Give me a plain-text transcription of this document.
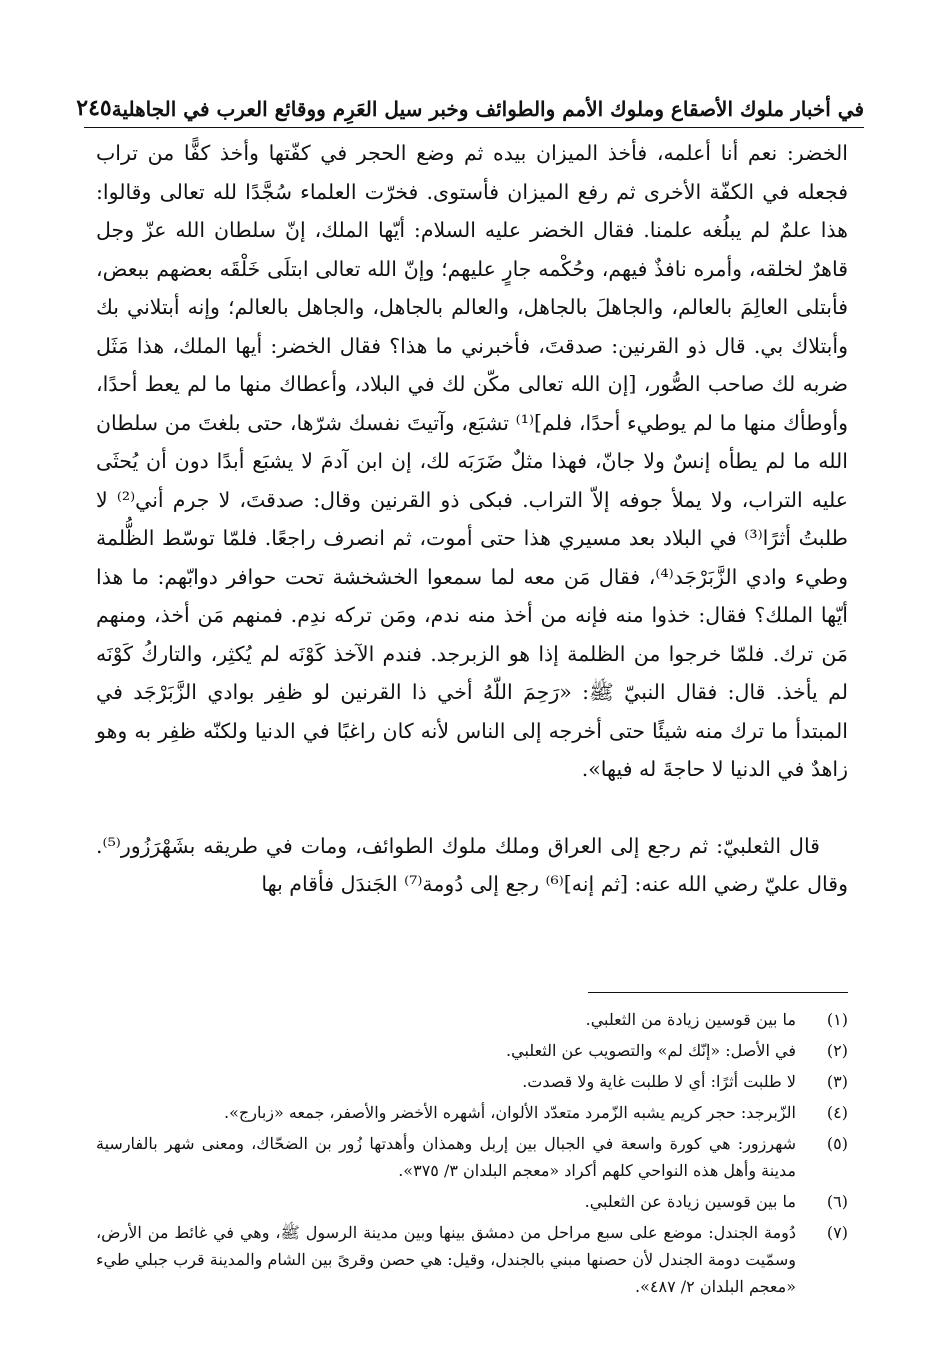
في أخبار ملوك الأصقاع وملوك الأمم والطوائف وخبر سيل العَرِم ووقائع العرب في الجاهلية
٢٤٥

الخضر: نعم أنا أعلمه، فأخذ الميزان بيده ثم وضع الحجر في كفّتها وأخذ كفًّا من تراب فجعله في الكفّة الأخرى ثم رفع الميزان فأستوى. فخرّت العلماء سُجَّدًا لله تعالى وقالوا: هذا علمٌ لم يبلُغه علمنا. فقال الخضر عليه السلام: أيّها الملك، إنّ سلطان الله عزّ وجل قاهرٌ لخلقه، وأمره نافذٌ فيهم، وحُكْمه جارٍ عليهم؛ وإنّ الله تعالى ابتلَى خَلْقَه بعضهم ببعض، فأبتلى العالِمَ بالعالم، والجاهلَ بالجاهل، والعالم بالجاهل، والجاهل بالعالم؛ وإنه أبتلاني بك وأبتلاك بي. قال ذو القرنين: صدقتَ، فأخبرني ما هذا؟ فقال الخضر: أيها الملك، هذا مَثَل ضربه لك صاحب الصُّور، [إن الله تعالى مكّن لك في البلاد، وأعطاك منها ما لم يعط أحدًا، وأوطأك منها ما لم يوطيء أحدًا، فلم]⁽¹⁾ تشبَع، وآتيتَ نفسك شرّها، حتى بلغتَ من سلطان الله ما لم يطأه إنسٌ ولا جانّ، فهذا مثلٌ ضَرَبَه لك، إن ابن آدمَ لا يشبَع أبدًا دون أن يُحثَى عليه التراب، ولا يملأ جوفه إلاّ التراب. فبكى ذو القرنين وقال: صدقتَ، لا جرم أني⁽²⁾ لا طلبتُ أثرًا⁽³⁾ في البلاد بعد مسيري هذا حتى أموت، ثم انصرف راجعًا. فلمّا توسّط الظُّلمة وطيء وادي الزَّبَرْجَد⁽⁴⁾، فقال مَن معه لما سمعوا الخشخشة تحت حوافر دوابّهم: ما هذا أيّها الملك؟ فقال: خذوا منه فإنه من أخذ منه ندم، ومَن تركه ندِم. فمنهم مَن أخذ، ومنهم مَن ترك. فلمّا خرجوا من الظلمة إذا هو الزبرجد. فندم الآخذ كَوْنَه لم يُكثِر، والتاركُ كَوْنَه لم يأخذ. قال: فقال النبيّ ﷺ: «رَحِمَ اللّهُ أخي ذا القرنين لو ظفِر بوادي الزَّبَرْجَد في المبتدأ ما ترك منه شيئًا حتى أخرجه إلى الناس لأنه كان راغبًا في الدنيا ولكنّه ظفِر به وهو زاهدٌ في الدنيا لا حاجةَ له فيها».

قال الثعلبيّ: ثم رجع إلى العراق وملك ملوك الطوائف، ومات في طريقه بشَهْرَزُور⁽⁵⁾. وقال عليّ رضي الله عنه: [ثم إنه]⁽⁶⁾ رجع إلى دُومة⁽⁷⁾ الجَندَل فأقام بها

(١)
ما بين قوسين زيادة من الثعلبي.
(٢)
في الأصل: «إنّك لم» والتصويب عن الثعلبي.
(٣)
لا طلبت أثرًا: أي لا طلبت غاية ولا قصدت.
(٤)
الزّبرجد: حجر كريم يشبه الزّمرد متعدّد الألوان، أشهره الأخضر والأصفر، جمعه «زبارج».
(٥)
شهرزور: هي كورة واسعة في الجبال بين إربل وهمذان وأهدتها زُور بن الضحّاك، ومعنى شهر بالفارسية مدينة وأهل هذه النواحي كلهم أكراد «معجم البلدان ٣/ ٣٧٥».
(٦)
ما بين قوسين زيادة عن الثعلبي.
(٧)
دُومة الجندل: موضع على سبع مراحل من دمشق بينها وبين مدينة الرسول ﷺ، وهي في غائط من الأرض، وسمّيت دومة الجندل لأن حصنها مبني بالجندل، وقيل: هي حصن وقرىً بين الشام والمدينة قرب جبلي طيء «معجم البلدان ٢/ ٤٨٧».
